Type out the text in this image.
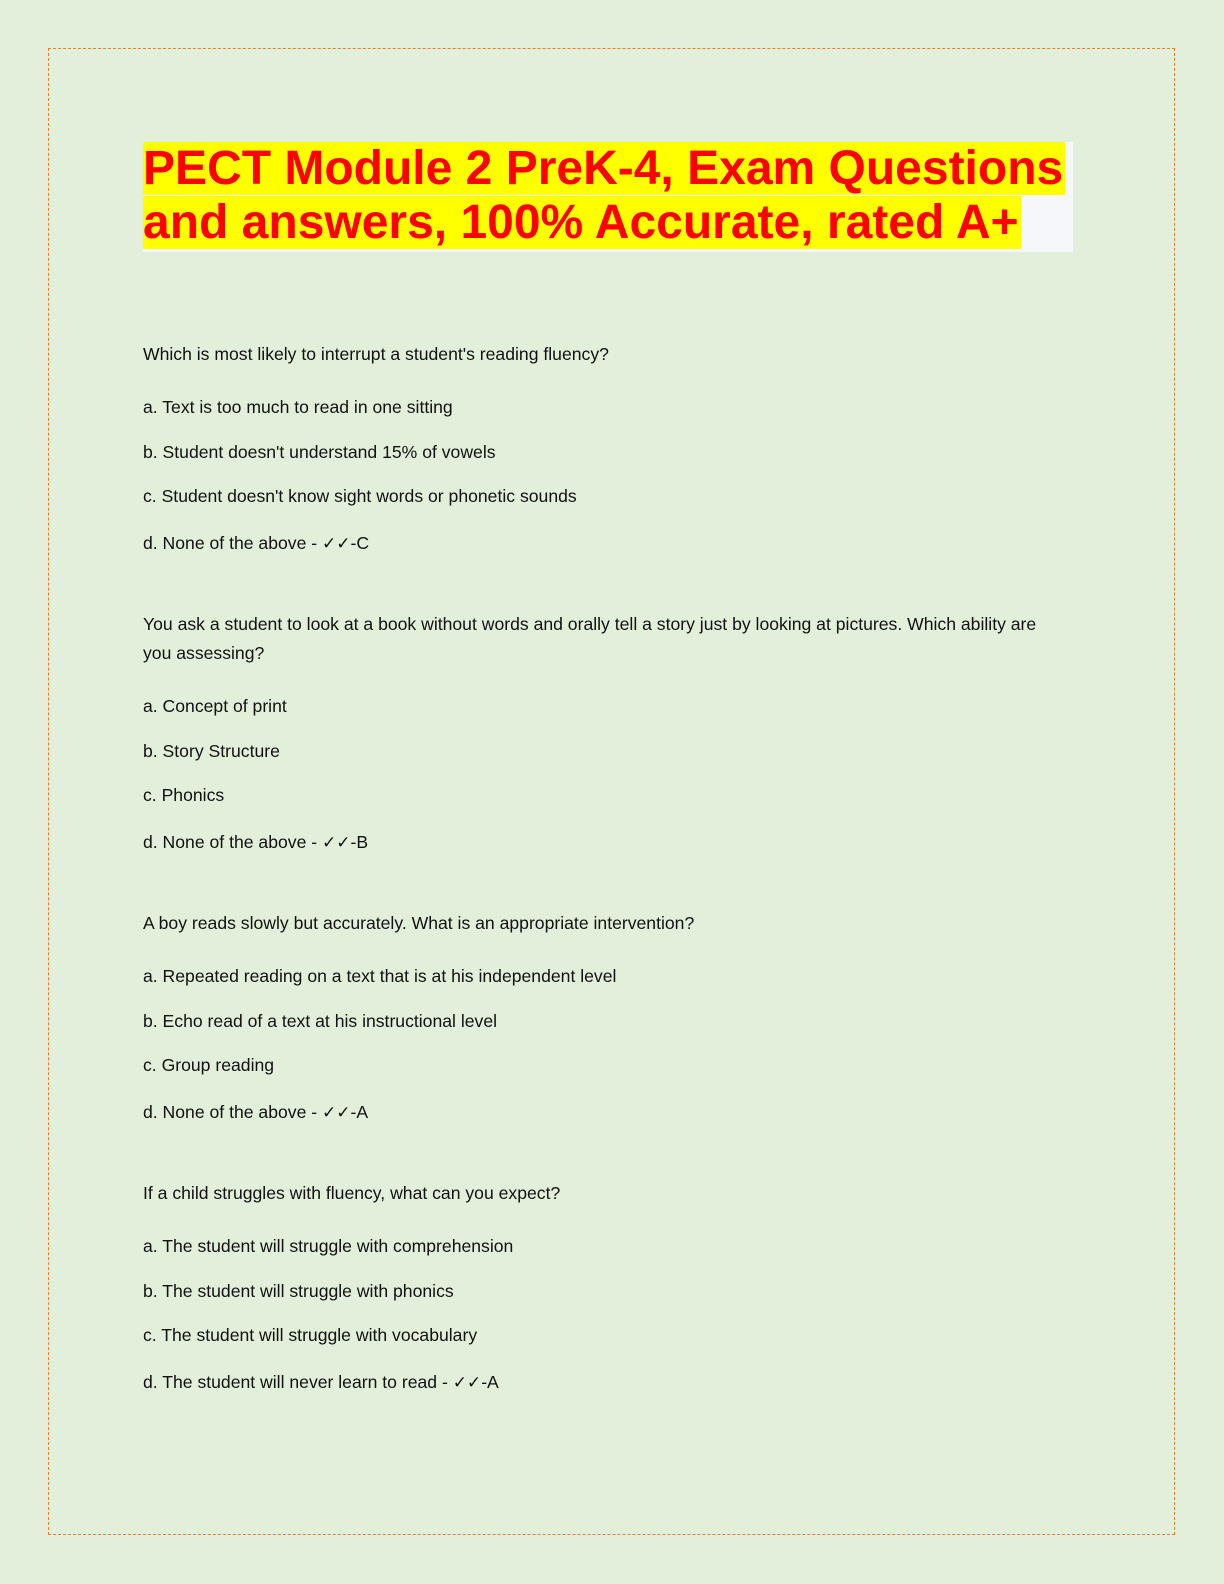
PECT Module 2 PreK-4, Exam Questions
and answers, 100% Accurate, rated A+

Which is most likely to interrupt a student's reading fluency?

a. Text is too much to read in one sitting

b. Student doesn't understand 15% of vowels

c. Student doesn't know sight words or phonetic sounds

d. None of the above - ✓✓-C

You ask a student to look at a book without words and orally tell a story just by looking at pictures. Which ability are you assessing?

a. Concept of print

b. Story Structure

c. Phonics

d. None of the above - ✓✓-B

A boy reads slowly but accurately. What is an appropriate intervention?

a. Repeated reading on a text that is at his independent level

b. Echo read of a text at his instructional level

c. Group reading

d. None of the above - ✓✓-A

If a child struggles with fluency, what can you expect?

a. The student will struggle with comprehension

b. The student will struggle with phonics

c. The student will struggle with vocabulary

d. The student will never learn to read - ✓✓-A
